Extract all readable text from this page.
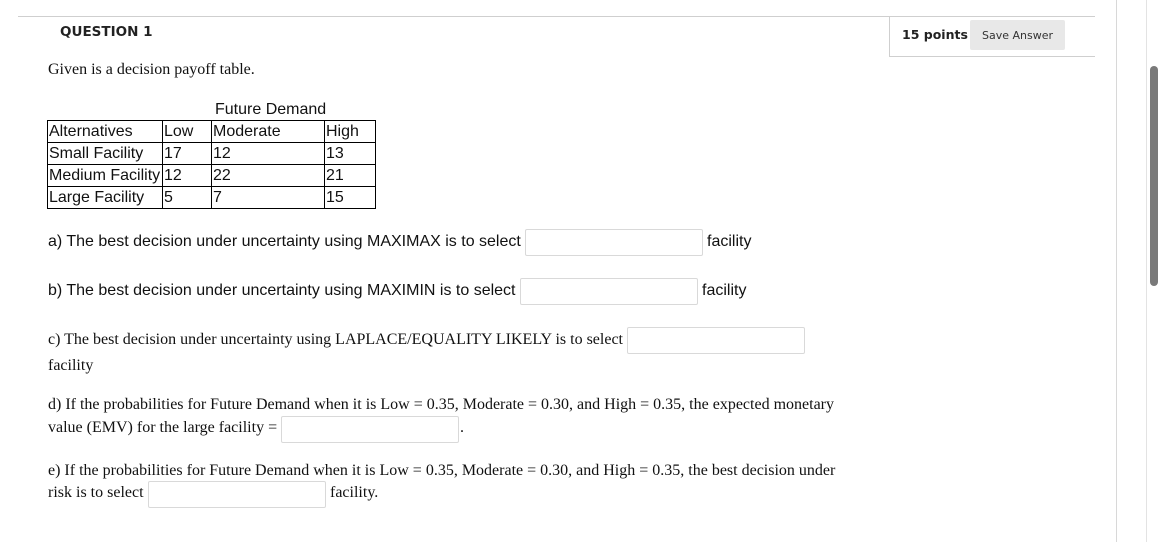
QUESTION 1	15 points	Save Answer
Given is a decision payoff table.
Future Demand
Alternatives	Low	Moderate	High
Small Facility	17	12	13
Medium Facility	12	22	21
Large Facility	5	7	15
a) The best decision under uncertainty using MAXIMAX is to select	facility
b) The best decision under uncertainty using MAXIMIN is to select	facility
c) The best decision under uncertainty using LAPLACE/EQUALITY LIKELY is to select
facility
d) If the probabilities for Future Demand when it is Low = 0.35, Moderate = 0.30, and High = 0.35, the expected monetary
value (EMV) for the large facility =	.
e) If the probabilities for Future Demand when it is Low = 0.35, Moderate = 0.30, and High = 0.35, the best decision under
risk is to select	facility.
